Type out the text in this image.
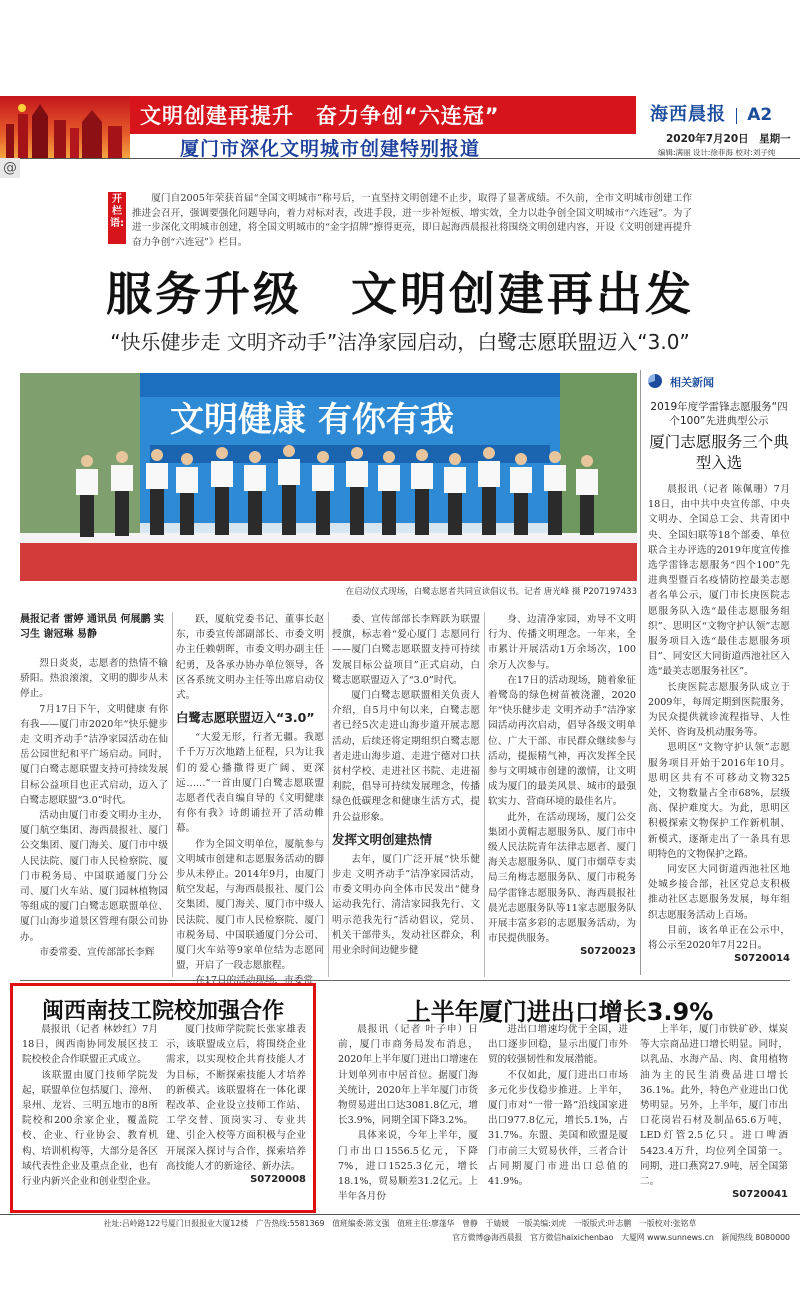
文明创建再提升　奋力争创“六连冠”
厦门市深化文明城市创建特别报道
海西晨报 A2
2020年7月20日　星期一
编辑:满丽 设计:徐菲海 校对:刘子纯
@
开栏语:
厦门自2005年荣获首届“全国文明城市”称号后，一直坚持文明创建不止步，取得了显著成绩。不久前，全市文明城市创建工作推进会召开，强调要强化问题导向，着力对标对表，改进手段，进一步补短板、增实效，全力以赴争创全国文明城市“六连冠”。为了进一步深化文明城市创建，将全国文明城市的“金字招牌”擦得更亮，即日起海西晨报社将围绕文明创建内容，开设《文明创建再提升　奋力争创“六连冠”》栏目。
服务升级　文明创建再出发
“快乐健步走 文明齐动手”洁净家园启动，白鹭志愿联盟迈入“3.0”
文明健康 有你有我
在启动仪式现场，白鹭志愿者共同宣读倡议书。记者 唐光峰 摄 P207197433
晨报记者 雷婷 通讯员 何展鹏 实习生 谢冠琳 易静

烈日炎炎，志愿者的热情不输骄阳。热浪滚滚，文明的脚步从未停止。

7月17日下午，文明健康 有你有我——厦门市2020年“快乐健步走 文明齐动手”洁净家园活动在仙岳公园世纪和平广场启动。同时，厦门白鹭志愿联盟支持可持续发展目标公益项目也正式启动，迈入了白鹭志愿联盟“3.0”时代。

活动由厦门市委文明办主办，厦门航空集团、海西晨报社、厦门公交集团、厦门海关、厦门市中级人民法院、厦门市人民检察院、厦门市税务局、中国联通厦门分公司、厦门火车站、厦门园林植物园等组成的厦门白鹭志愿联盟单位、厦门山海步道景区管理有限公司协办。

市委常委、宣传部部长李辉

跃，厦航党委书记、董事长赵东，市委宣传部副部长、市委文明办主任赖朝晖，市委文明办副主任纪勇，及各承办协办单位领导，各区各系统文明办主任等出席启动仪式。

白鹭志愿联盟迈入“3.0”

“大爱无形，行者无疆。我愿千千万万次地踏上征程，只为让我们的爱心播撒得更广阔、更深远……”一首由厦门白鹭志愿联盟志愿者代表自编自导的《文明健康 有你有我》诗朗诵拉开了活动帷幕。

作为全国文明单位，厦航参与文明城市创建和志愿服务活动的脚步从未停止。2014年9月，由厦门航空发起，与海西晨报社、厦门公交集团、厦门海关、厦门市中级人民法院、厦门市人民检察院、厦门市税务局、中国联通厦门分公司、厦门火车站等9家单位结为志愿同盟，开启了一段志愿旅程。

在17日的活动现场，市委常

委、宣传部部长李辉跃为联盟授旗，标志着“爱心厦门 志愿同行——厦门白鹭志愿联盟支持可持续发展目标公益项目”正式启动，白鹭志愿联盟迈入了“3.0”时代。

厦门白鹭志愿联盟相关负责人介绍，自5月中旬以来，白鹭志愿者已经5次走进山海步道开展志愿活动，后续还将定期组织白鹭志愿者走进山海步道、走进宁德对口扶贫村学校、走进社区书院、走进福利院，倡导可持续发展理念，传播绿色低碳理念和健康生活方式，提升公益形象。

发挥文明创建热情

去年，厦门广泛开展“快乐健步走 文明齐动手”洁净家园活动，市委文明办向全体市民发出“健身运动我先行、清洁家园我先行、文明示范我先行”活动倡议，党员、机关干部带头，发动社区群众，利用业余时间边健步健

身、边清净家园，劝导不文明行为、传播文明理念。一年来，全市累计开展活动1万余场次，100余万人次参与。

在17日的活动现场，随着象征着鹭岛的绿色树苗被浇灌，2020年“快乐健步走 文明齐动手”洁净家园活动再次启动，倡导各级文明单位、广大干部、市民群众继续参与活动，提振精气神，再次发挥全民参与文明城市创建的激情，让文明成为厦门的最美风景、城市的最强软实力、营商环境的最佳名片。

此外，在活动现场，厦门公交集团小黄帽志愿服务队、厦门市中级人民法院青年法律志愿者、厦门海关志愿服务队、厦门市烟草专卖局三角梅志愿服务队、厦门市税务局学雷锋志愿服务队、海西晨报社晨光志愿服务队等11家志愿服务队开展丰富多彩的志愿服务活动，为市民提供服务。

S0720023
相关新闻
2019年度学雷锋志愿服务“四个100”先进典型公示
厦门志愿服务三个典型入选

晨报讯（记者 陈佩珊）7月18日，由中共中央宣传部、中央文明办、全国总工会、共青团中央、全国妇联等18个部委、单位联合主办评选的2019年度宣传推选学雷锋志愿服务“四个100”先进典型暨百名疫情防控最美志愿者名单公示，厦门市长庚医院志愿服务队入选“最佳志愿服务组织”、思明区“文物守护认领”志愿服务项目入选“最佳志愿服务项目”、同安区大同街道西池社区入选“最美志愿服务社区”。

长庚医院志愿服务队成立于2009年，每周定期到医院服务，为民众提供就诊流程指导、人性关怀、咨询及机动服务等。

思明区“文物守护认领”志愿服务项目开始于2016年10月。思明区共有不可移动文物325处，文物数量占全市68%，层级高、保护难度大。为此，思明区积极探索文物保护工作新机制、新模式，逐渐走出了一条具有思明特色的文物保护之路。

同安区大同街道西池社区地处城乡接合部，社区党总支积极推动社区志愿服务发展，每年组织志愿服务活动上百场。

目前，该名单正在公示中，将公示至2020年7月22日。

S0720014
闽西南技工院校加强合作

晨报讯（记者 林妙红）7月18日，闽西南协同发展区技工院校校企合作联盟正式成立。

该联盟由厦门技师学院发起，联盟单位包括厦门、漳州、泉州、龙岩、三明五地市的8所院校和200余家企业，覆盖院校、企业、行业协会、教育机构、培训机构等，大部分是各区域代表性企业及重点企业，也有行业内新兴企业和创业型企业。

厦门技师学院院长张家雄表示，该联盟成立后，将围绕企业需求，以实现校企共育技能人才为目标，不断探索技能人才培养的新模式。该联盟将在一体化课程改革、企业设立技师工作站、工学交替、顶岗实习、专业共建、引企入校等方面积极与企业开展深入探讨与合作，探索培养高技能人才的新途径、新办法。

S0720008
上半年厦门进出口增长3.9%

晨报讯（记者 叶子申）日前，厦门市商务局发布消息，2020年上半年厦门进出口增速在计划单列市中居首位。据厦门海关统计，2020年上半年厦门市货物贸易进出口达3081.8亿元，增长3.9%，同期全国下降3.2%。

具体来说，今年上半年，厦门市出口1556.5亿元，下降7%，进口1525.3亿元，增长18.1%，贸易顺差31.2亿元。上半年各月份

进出口增速均优于全国，进出口逐步回稳，显示出厦门市外贸的较强韧性和发展潜能。

不仅如此，厦门进出口市场多元化步伐稳步推进。上半年，厦门市对“一带一路”沿线国家进出口977.8亿元，增长5.1%，占31.7%。东盟、美国和欧盟是厦门市前三大贸易伙伴，三者合计占同期厦门市进出口总值的41.9%。

上半年，厦门市铁矿砂、煤炭等大宗商品进口增长明显。同时，以乳品、水海产品、肉、食用植物油为主的民生消费品进口增长36.1%。此外，特色产业进出口优势明显。另外，上半年，厦门市出口花岗岩石材及制品65.6万吨，LED灯管2.5亿只。进口啤酒5423.4万升，均位列全国第一。同期，进口燕窝27.9吨，居全国第二。

S0720041
社址:吕岭路122号厦门日报报业大厦12楼　广告热线:5581369　值班编委:陈文强　值班主任:廖蓬华　曾静　于婧媛　一版美编:刘虎　一版版式:叶志鹏　一版校对:张铭草
官方微博@海西晨报　官方微信haixichenbao　大厦网 www.sunnews.cn　新闻热线 8080000
